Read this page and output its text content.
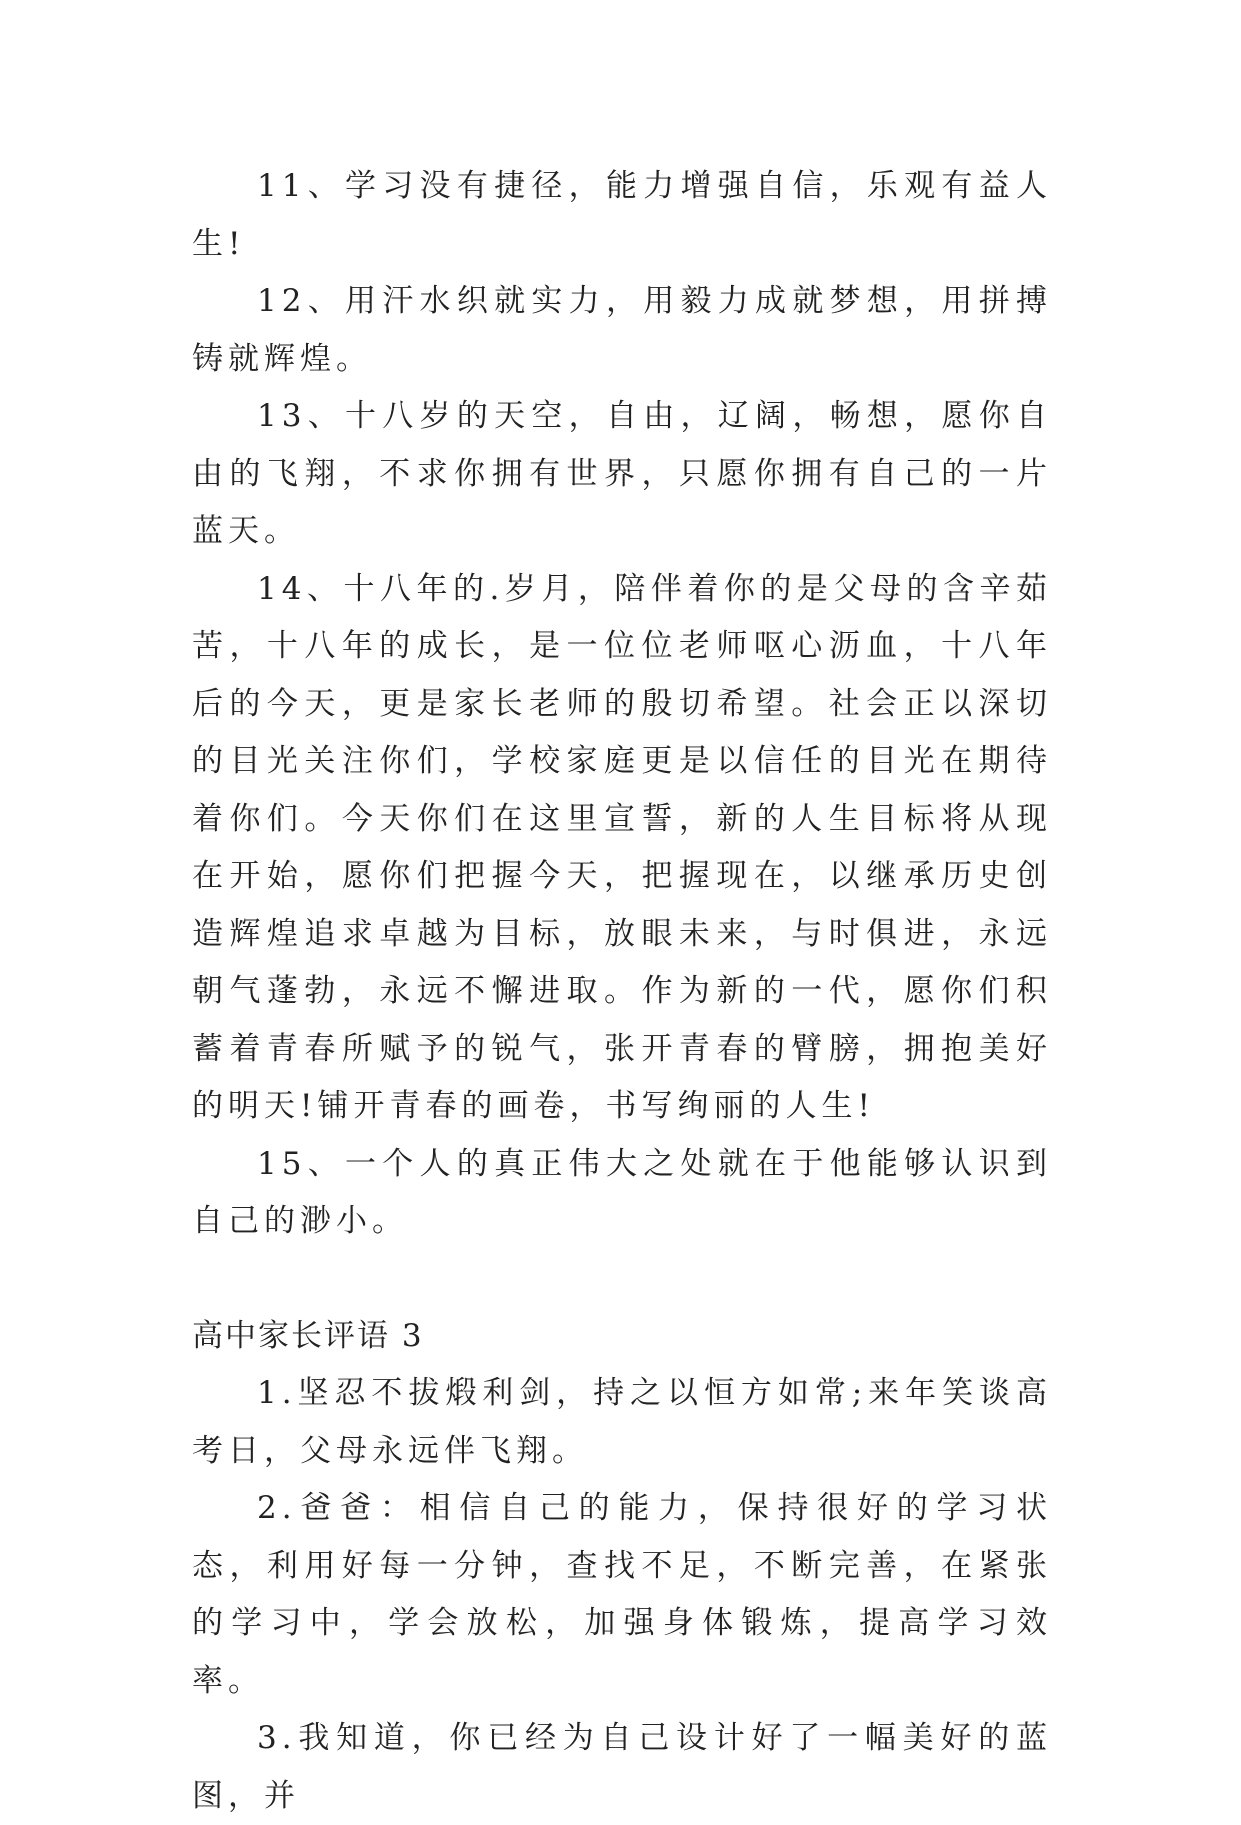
11、学习没有捷径，能力增强自信，乐观有益人生!

12、用汗水织就实力，用毅力成就梦想，用拼搏铸就辉煌。

13、十八岁的天空，自由，辽阔，畅想，愿你自由的飞翔，不求你拥有世界，只愿你拥有自己的一片蓝天。

14、十八年的.岁月，陪伴着你的是父母的含辛茹苦，十八年的成长，是一位位老师呕心沥血，十八年后的今天，更是家长老师的殷切希望。社会正以深切的目光关注你们，学校家庭更是以信任的目光在期待着你们。今天你们在这里宣誓，新的人生目标将从现在开始，愿你们把握今天，把握现在，以继承历史创造辉煌追求卓越为目标，放眼未来，与时俱进，永远朝气蓬勃，永远不懈进取。作为新的一代，愿你们积蓄着青春所赋予的锐气，张开青春的臂膀，拥抱美好的明天!铺开青春的画卷，书写绚丽的人生!

15、一个人的真正伟大之处就在于他能够认识到自己的渺小。

高中家长评语 3

1.坚忍不拔煅利剑，持之以恒方如常;来年笑谈高考日，父母永远伴飞翔。

2.爸爸：相信自己的能力，保持很好的学习状态，利用好每一分钟，查找不足，不断完善，在紧张的学习中，学会放松，加强身体锻炼，提高学习效率。

3.我知道，你已经为自己设计好了一幅美好的蓝图，并
